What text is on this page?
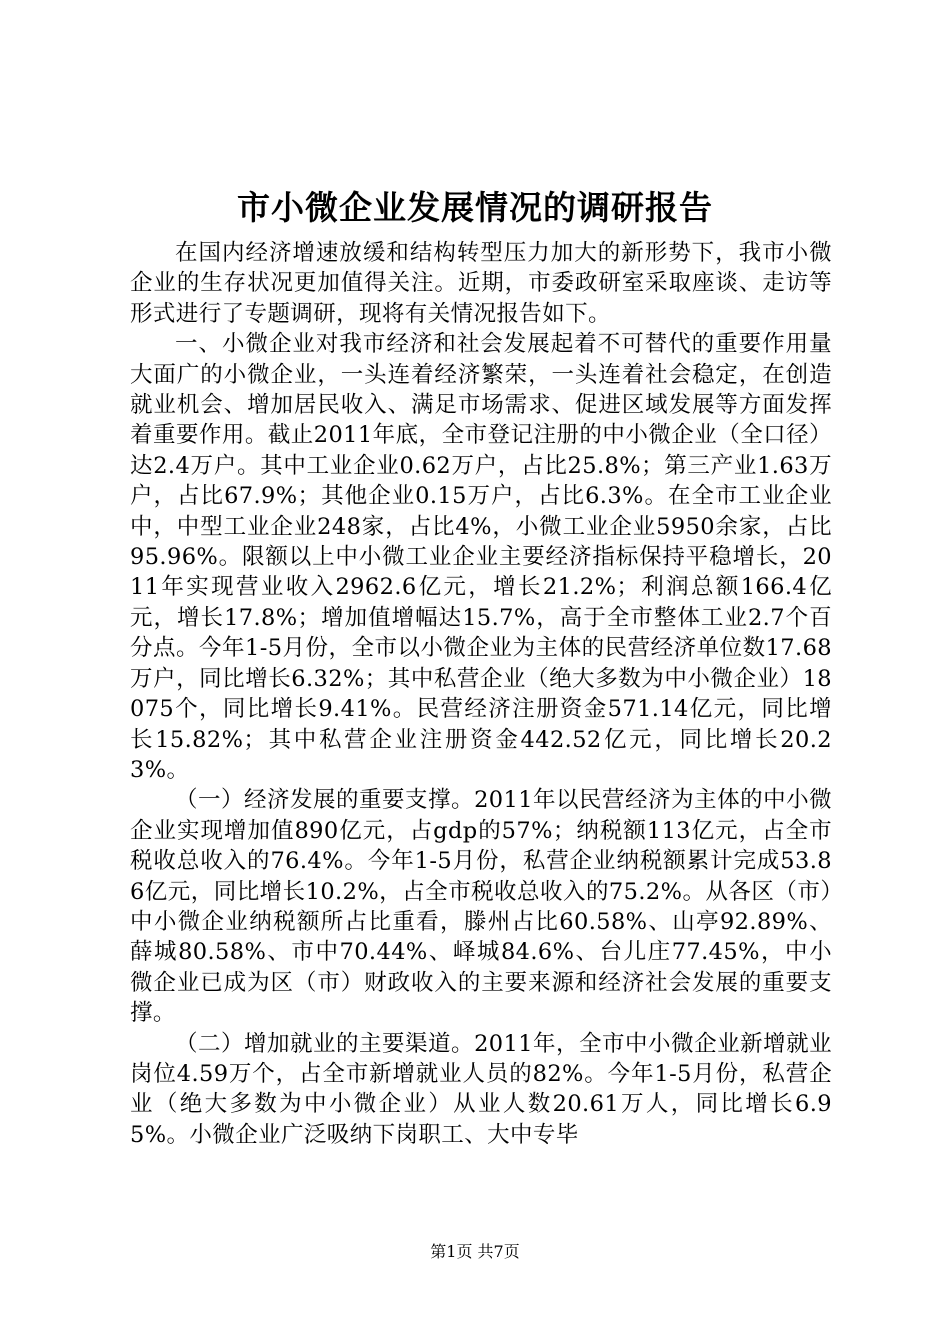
市小微企业发展情况的调研报告

在国内经济增速放缓和结构转型压力加大的新形势下，我市小微企业的生存状况更加值得关注。近期，市委政研室采取座谈、走访等形式进行了专题调研，现将有关情况报告如下。

一、小微企业对我市经济和社会发展起着不可替代的重要作用量大面广的小微企业，一头连着经济繁荣，一头连着社会稳定，在创造就业机会、增加居民收入、满足市场需求、促进区域发展等方面发挥着重要作用。截止2011年底，全市登记注册的中小微企业（全口径）达2.4万户。其中工业企业0.62万户，占比25.8%；第三产业1.63万户，占比67.9%；其他企业0.15万户，占比6.3%。在全市工业企业中，中型工业企业248家，占比4%，小微工业企业5950余家，占比95.96%。限额以上中小微工业企业主要经济指标保持平稳增长，2011年实现营业收入2962.6亿元，增长21.2%；利润总额166.4亿元，增长17.8%；增加值增幅达15.7%，高于全市整体工业2.7个百分点。今年1-5月份，全市以小微企业为主体的民营经济单位数17.68万户，同比增长6.32%；其中私营企业（绝大多数为中小微企业）18075个，同比增长9.41%。民营经济注册资金571.14亿元，同比增长15.82%；其中私营企业注册资金442.52亿元，同比增长20.23%。

（一）经济发展的重要支撑。2011年以民营经济为主体的中小微企业实现增加值890亿元，占gdp的57%；纳税额113亿元，占全市税收总收入的76.4%。今年1-5月份，私营企业纳税额累计完成53.86亿元，同比增长10.2%，占全市税收总收入的75.2%。从各区（市）中小微企业纳税额所占比重看，滕州占比60.58%、山亭92.89%、薛城80.58%、市中70.44%、峄城84.6%、台儿庄77.45%，中小微企业已成为区（市）财政收入的主要来源和经济社会发展的重要支撑。

（二）增加就业的主要渠道。2011年，全市中小微企业新增就业岗位4.59万个，占全市新增就业人员的82%。今年1-5月份，私营企业（绝大多数为中小微企业）从业人数20.61万人，同比增长6.95%。小微企业广泛吸纳下岗职工、大中专毕

第1页 共7页
